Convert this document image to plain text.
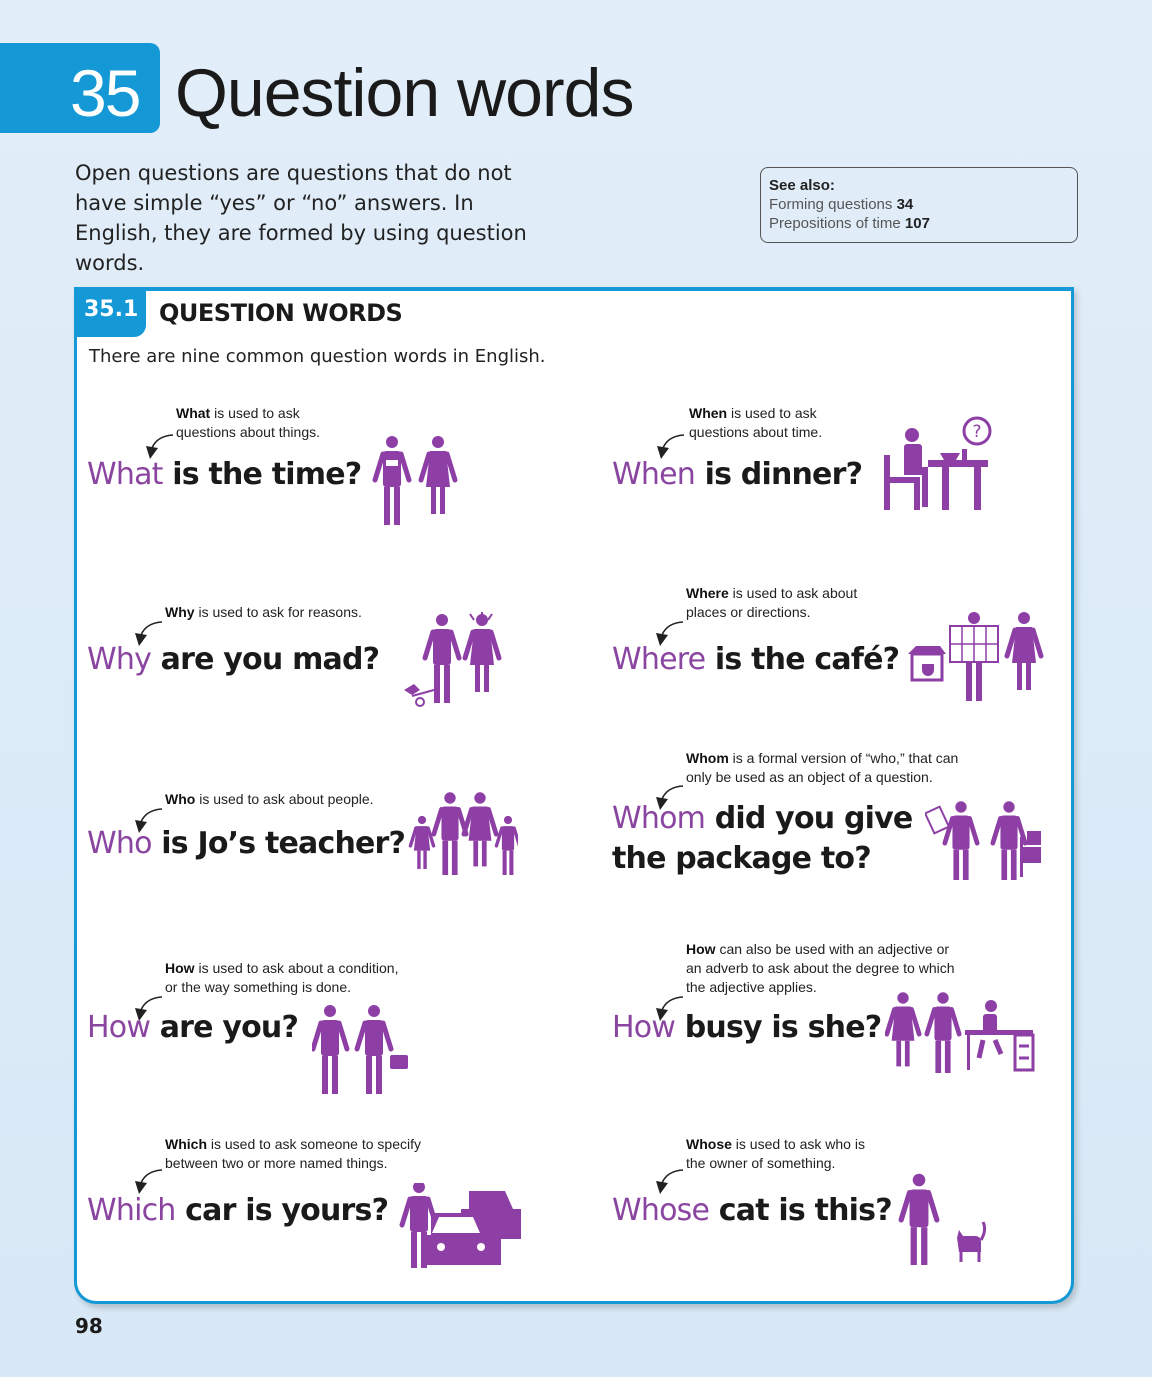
35 Question words
Open questions are questions that do not have simple “yes” or “no” answers. In English, they are formed by using question words.
See also:
Forming questions 34
Prepositions of time 107
35.1 QUESTION WORDS
There are nine common question words in English.
What is used to ask
questions about things.
What is the time?
When is used to ask
questions about time.
When is dinner?
?
Why is used to ask for reasons.
Why are you mad?
Where is used to ask about
places or directions.
Where is the café?
Who is used to ask about people.
Who is Jo’s teacher?
Whom is a formal version of “who,” that can
only be used as an object of a question.
Whom did you give
the package to?
How is used to ask about a condition,
or the way something is done.
How are you?
How can also be used with an adjective or
an adverb to ask about the degree to which
the adjective applies.
How busy is she?
Which is used to ask someone to specify
between two or more named things.
Which car is yours?
Whose is used to ask who is
the owner of something.
Whose cat is this?
98
